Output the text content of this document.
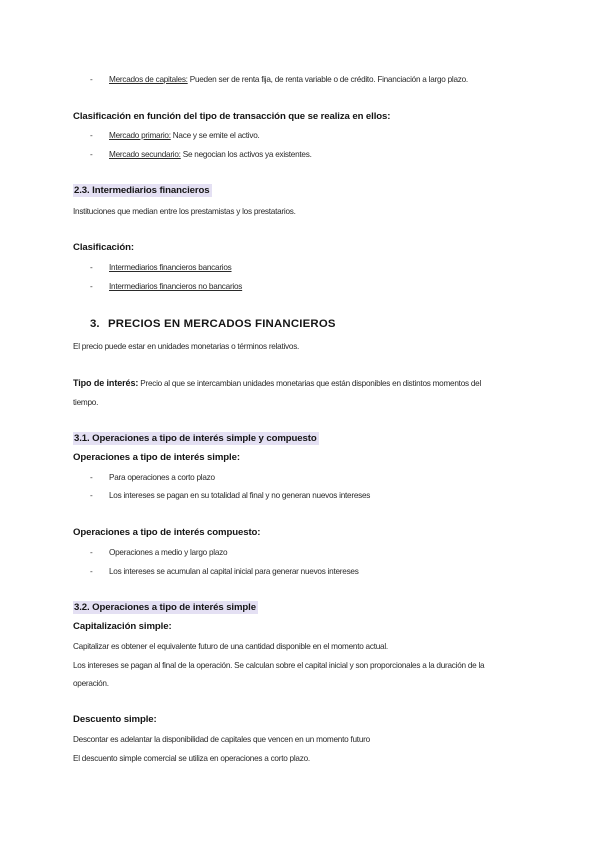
- Mercados de capitales: Pueden ser de renta fija, de renta variable o de crédito. Financiación a largo plazo.
Clasificación en función del tipo de transacción que se realiza en ellos:
- Mercado primario: Nace y se emite el activo.
- Mercado secundario: Se negocian los activos ya existentes.
2.3. Intermediarios financieros
Instituciones que median entre los prestamistas y los prestatarios.
Clasificación:
- Intermediarios financieros bancarios
- Intermediarios financieros no bancarios
3. PRECIOS EN MERCADOS FINANCIEROS
El precio puede estar en unidades monetarias o términos relativos.
Tipo de interés: Precio al que se intercambian unidades monetarias que están disponibles en distintos momentos del
tiempo.
3.1. Operaciones a tipo de interés simple y compuesto
Operaciones a tipo de interés simple:
- Para operaciones a corto plazo
- Los intereses se pagan en su totalidad al final y no generan nuevos intereses
Operaciones a tipo de interés compuesto:
- Operaciones a medio y largo plazo
- Los intereses se acumulan al capital inicial para generar nuevos intereses
3.2. Operaciones a tipo de interés simple
Capitalización simple:
Capitalizar es obtener el equivalente futuro de una cantidad disponible en el momento actual.
Los intereses se pagan al final de la operación. Se calculan sobre el capital inicial y son proporcionales a la duración de la
operación.
Descuento simple:
Descontar es adelantar la disponibilidad de capitales que vencen en un momento futuro
El descuento simple comercial se utiliza en operaciones a corto plazo.
